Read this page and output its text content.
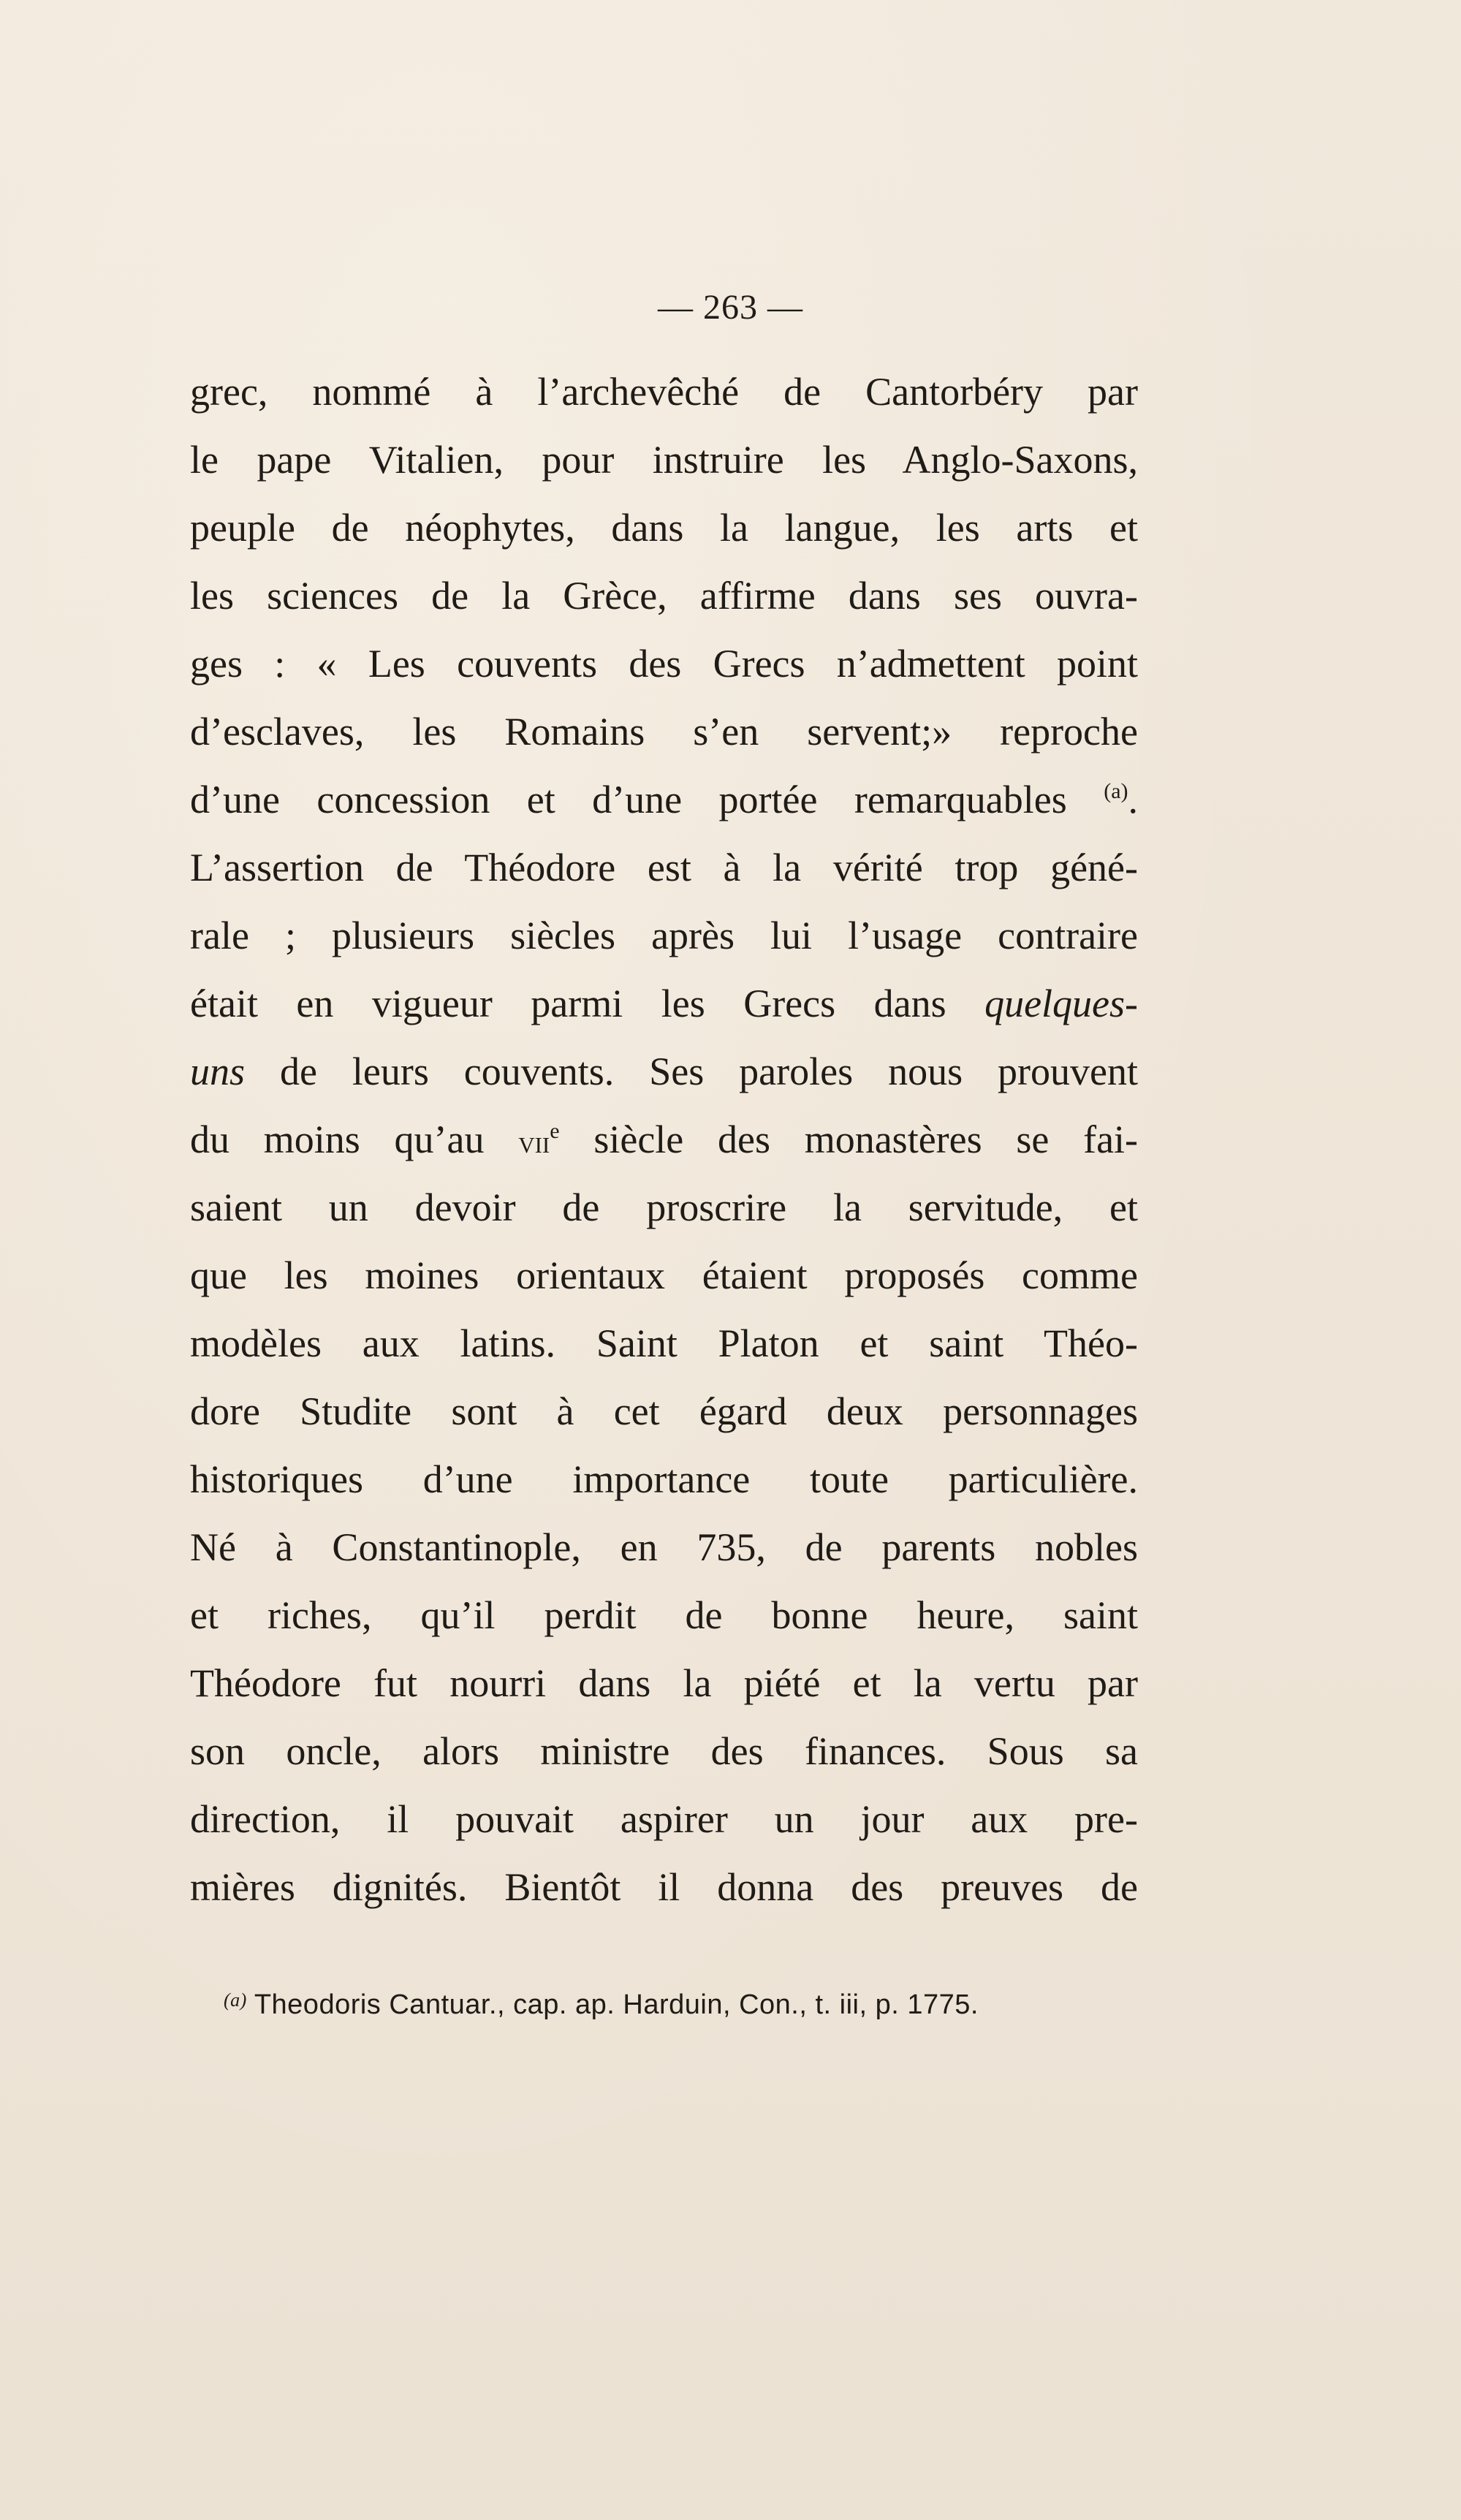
— 263 —
grec, nommé à l’archevêché de Cantorbéry par
le pape Vitalien, pour instruire les Anglo-Saxons,
peuple de néophytes, dans la langue, les arts et
les sciences de la Grèce, affirme dans ses ouvra-
ges : « Les couvents des Grecs n’admettent point
d’esclaves, les Romains s’en servent;» reproche
d’une concession et d’une portée remarquables $^{(a)}$.
L’assertion de Théodore est à la vérité trop géné-
rale ; plusieurs siècles après lui l’usage contraire
était en vigueur parmi les Grecs dans quelques-
uns de leurs couvents. Ses paroles nous prouvent
du moins qu’au vii$^e$ siècle des monastères se fai-
saient un devoir de proscrire la servitude, et
que les moines orientaux étaient proposés comme
modèles aux latins. Saint Platon et saint Théo-
dore Studite sont à cet égard deux personnages
historiques d’une importance toute particulière.
Né à Constantinople, en 735, de parents nobles
et riches, qu’il perdit de bonne heure, saint
Théodore fut nourri dans la piété et la vertu par
son oncle, alors ministre des finances. Sous sa
direction, il pouvait aspirer un jour aux pre-
mières dignités. Bientôt il donna des preuves de
$^{(a)}$ Theodoris Cantuar., cap. ap. Harduin, Con., t. iii, p. 1775.
